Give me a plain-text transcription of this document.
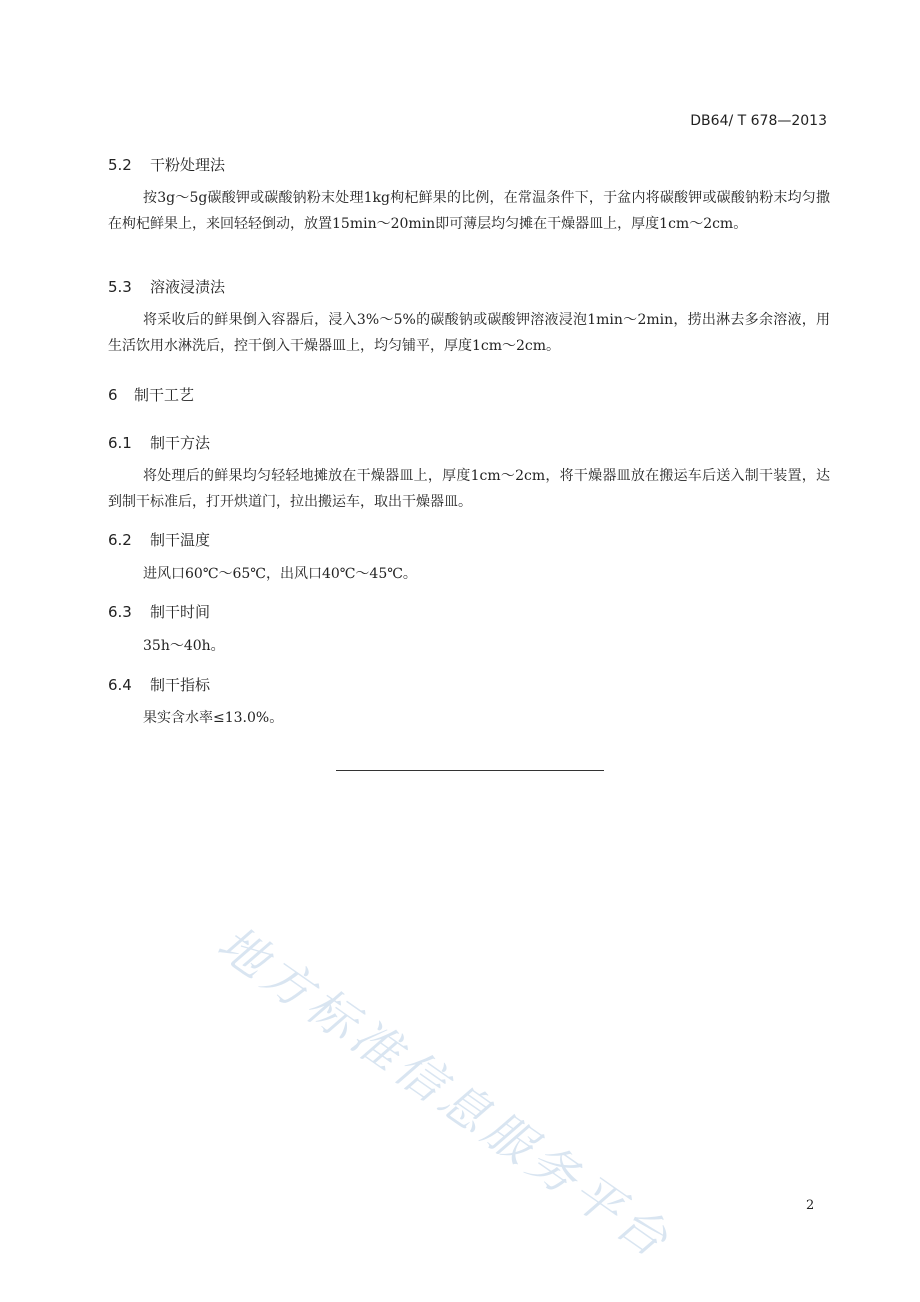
DB64/ T 678—2013
5.2 干粉处理法
按3g～5g碳酸钾或碳酸钠粉末处理1kg枸杞鲜果的比例，在常温条件下，于盆内将碳酸钾或碳酸钠粉末均匀撒在枸杞鲜果上，来回轻轻倒动，放置15min～20min即可薄层均匀摊在干燥器皿上，厚度1cm～2cm。
5.3 溶液浸渍法
将采收后的鲜果倒入容器后，浸入3%～5%的碳酸钠或碳酸钾溶液浸泡1min～2min，捞出淋去多余溶液，用生活饮用水淋洗后，控干倒入干燥器皿上，均匀铺平，厚度1cm～2cm。
6 制干工艺
6.1 制干方法
将处理后的鲜果均匀轻轻地摊放在干燥器皿上，厚度1cm～2cm，将干燥器皿放在搬运车后送入制干装置，达到制干标准后，打开烘道门，拉出搬运车，取出干燥器皿。
6.2 制干温度
进风口60℃～65℃，出风口40℃～45℃。
6.3 制干时间
35h～40h。
6.4 制干指标
果实含水率≤13.0%。
地方标准信息服务平台	2
